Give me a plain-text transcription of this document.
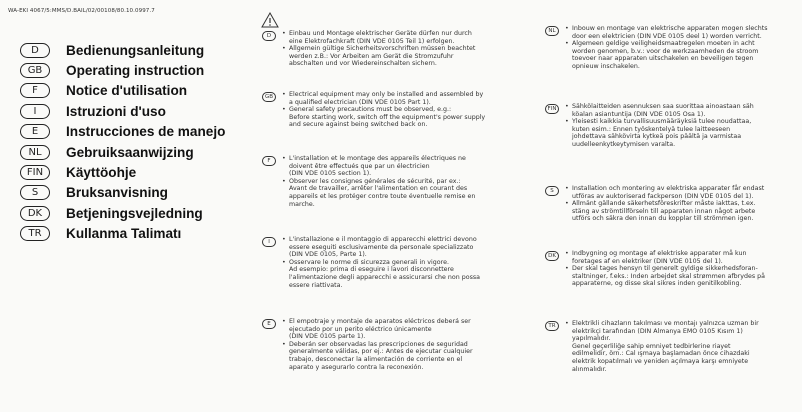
WA-EKI 4067/5:MMS/D.BAIL/02/00108/80.10.0997.7
D	Bedienungsanleitung
GB	Operating instruction
F	Notice d'utilisation
I	Istruzioni d'uso
E	Instrucciones de manejo
NL	Gebruiksaanwijzing
FIN	Käyttöohje
S	Bruksanvisning
DK	Betjeningsvejledning
TR	Kullanma Talimatı
D	• Einbau und Montage elektrischer Geräte dürfen nur durch
eine Elektrofachkraft (DIN VDE 0105 Teil 1) erfolgen.
• Allgemein gültige Sicherheitsvorschriften müssen beachtet
werden z.B.: Vor Arbeiten am Gerät die Stromzufuhr
abschalten und vor Wiedereinschalten sichern.
GB	• Electrical equipment may only be installed and assembled by
a qualified electrician (DIN VDE 0105 Part 1).
• General safety precautions must be observed, e.g.:
Before starting work, switch off the equipment's power supply
and secure against being switched back on.
F	• L'installation et le montage des appareils électriques ne
doivent être effectués que par un électricien
(DIN VDE 0105 section 1).
• Observer les consignes générales de sécurité, par ex.:
Avant de travailler, arrêter l'alimentation en courant des
appareils et les protéger contre toute éventuelle remise en
marche.
I	• L'installazione e il montaggio di apparecchi elettrici devono
essere eseguiti esclusivamente da personale specializzato
(DIN VDE 0105, Parte 1).
• Osservare le norme di sicurezza generali in vigore.
Ad esempio: prima di eseguire i lavori disconnettere
l'alimentazione degli apparecchi e assicurarsi che non possa
essere riattivata.
E	• El empotraje y montaje de aparatos eléctricos deberá ser
ejecutado por un perito eléctrico únicamente
(DIN VDE 0105 parte 1).
• Deberán ser observadas las prescripciones de seguridad
generalmente válidas, por ej.: Antes de ejecutar cualquier
trabajo, desconectar la alimentación de corriente en el
aparato y asegurarlo contra la reconexión.
NL	• Inbouw en montage van elektrische apparaten mogen slechts
door een elektricien (DIN VDE 0105 deel 1) worden verricht.
• Algemeen geldige veiligheidsmaatregelen moeten in acht
worden genomen, b.v.: voor de werkzaamheden de stroom
toevoer naar apparaten uitschakelen en beveiligen tegen
opnieuw inschakelen.
FIN	• Sähkölaitteiden asennuksen saa suorittaa ainoastaan säh
köalan asiantuntija (DIN VDE 0105 Osa 1).
• Yleisesti kaikkia turvallisuusmääräyksiä tulee noudattaa,
kuten esim.: Ennen työskentelyä tulee laitteeseen
johdettava sähkövirta kytkeä pois päältä ja varmistaa
uudelleenkytkeytymisen varalta.
S	• Installation och montering av elektriska apparater får endast
utföras av auktoriserad fackperson (DIN VDE 0105 del 1).
• Allmänt gällande säkerhetsföreskrifter måste iakttas, t.ex.
stäng av strömtillförseln till apparaten innan något arbete
utförs och säkra den innan du kopplar till strömmen igen.
DK	• Indbygning og montage af elektriske apparater må kun
foretages af en elektriker (DIN VDE 0105 del 1).
• Der skal tages hensyn til generelt gyldige sikkerhedsforan-
staltninger, f.eks.: Inden arbejdet skal strømmen afbrydes på
apparaterne, og disse skal sikres inden genitilkobling.
TR	• Elektrikli cihazların takılması ve montajı yalnızca uzman bir
elektrikçi tarafından (DIN Almanya EMO 0105 Kısım 1)
yapılmalıdır.
Genel geçerliliğe sahip emniyet tedbirlerine riayet
edilmelidir, örn.: Cal ışmaya başlamadan önce cihazdaki
elektrik kopatılmalı ve yeniden açılmaya karşı emniyete
alınmalıdır.
